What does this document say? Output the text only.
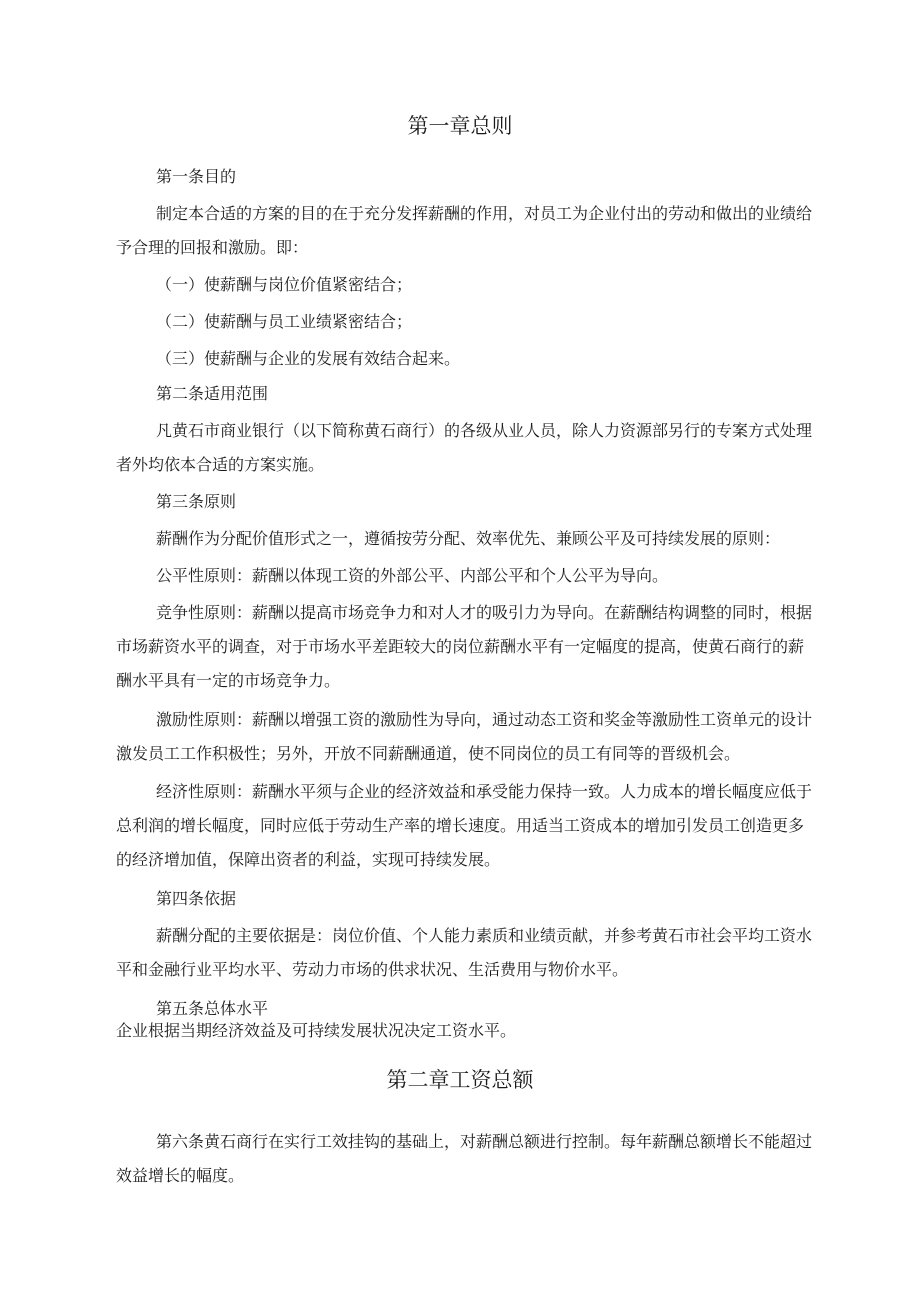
第一章总则

第一条目的

制定本合适的方案的目的在于充分发挥薪酬的作用，对员工为企业付出的劳动和做出的业绩给

予合理的回报和激励。即：

（一）使薪酬与岗位价值紧密结合；

（二）使薪酬与员工业绩紧密结合；

（三）使薪酬与企业的发展有效结合起来。

第二条适用范围

凡黄石市商业银行（以下简称黄石商行）的各级从业人员，除人力资源部另行的专案方式处理

者外均依本合适的方案实施。

第三条原则

薪酬作为分配价值形式之一，遵循按劳分配、效率优先、兼顾公平及可持续发展的原则：

公平性原则：薪酬以体现工资的外部公平、内部公平和个人公平为导向。

竞争性原则：薪酬以提高市场竞争力和对人才的吸引力为导向。在薪酬结构调整的同时，根据

市场薪资水平的调查，对于市场水平差距较大的岗位薪酬水平有一定幅度的提高，使黄石商行的薪

酬水平具有一定的市场竞争力。

激励性原则：薪酬以增强工资的激励性为导向，通过动态工资和奖金等激励性工资单元的设计

激发员工工作积极性；另外，开放不同薪酬通道，使不同岗位的员工有同等的晋级机会。

经济性原则：薪酬水平须与企业的经济效益和承受能力保持一致。人力成本的增长幅度应低于

总利润的增长幅度，同时应低于劳动生产率的增长速度。用适当工资成本的增加引发员工创造更多

的经济增加值，保障出资者的利益，实现可持续发展。

第四条依据

薪酬分配的主要依据是：岗位价值、个人能力素质和业绩贡献，并参考黄石市社会平均工资水

平和金融行业平均水平、劳动力市场的供求状况、生活费用与物价水平。

第五条总体水平

企业根据当期经济效益及可持续发展状况决定工资水平。

第二章工资总额

第六条黄石商行在实行工效挂钩的基础上，对薪酬总额进行控制。每年薪酬总额增长不能超过

效益增长的幅度。
